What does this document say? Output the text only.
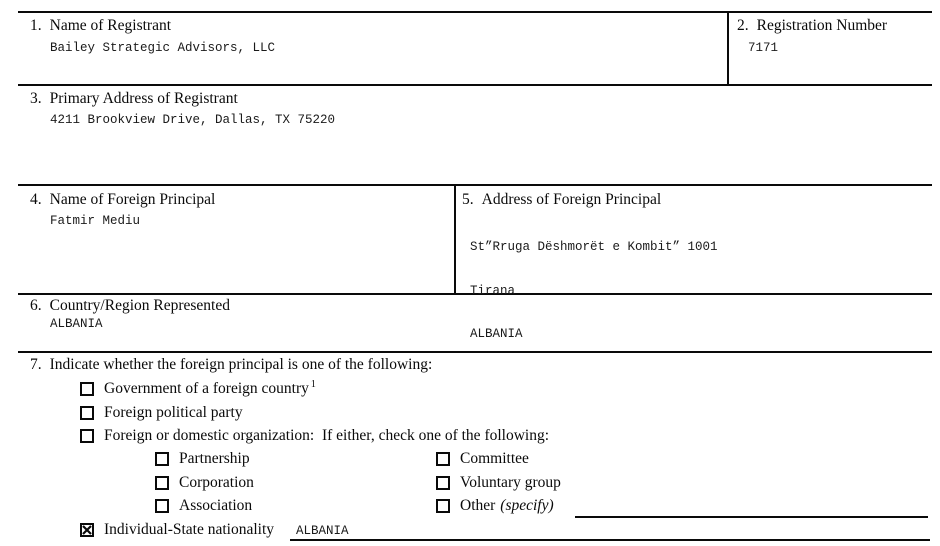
1. Name of Registrant
Bailey Strategic Advisors, LLC
2. Registration Number
7171
3. Primary Address of Registrant
4211 Brookview Drive, Dallas, TX 75220
4. Name of Foreign Principal
Fatmir Mediu
5. Address of Foreign Principal

St”Rruga Dëshmorët e Kombit” 1001

Tirana

ALBANIA

6. Country/Region Represented
ALBANIA
7. Indicate whether the foreign principal is one of the following:
Government of a foreign country $^1$
Foreign political party
Foreign or domestic organization:  If either, check one of the following:
Partnership
Corporation
Association
Committee
Voluntary group
Other (specify)
Individual-State nationality ALBANIA
